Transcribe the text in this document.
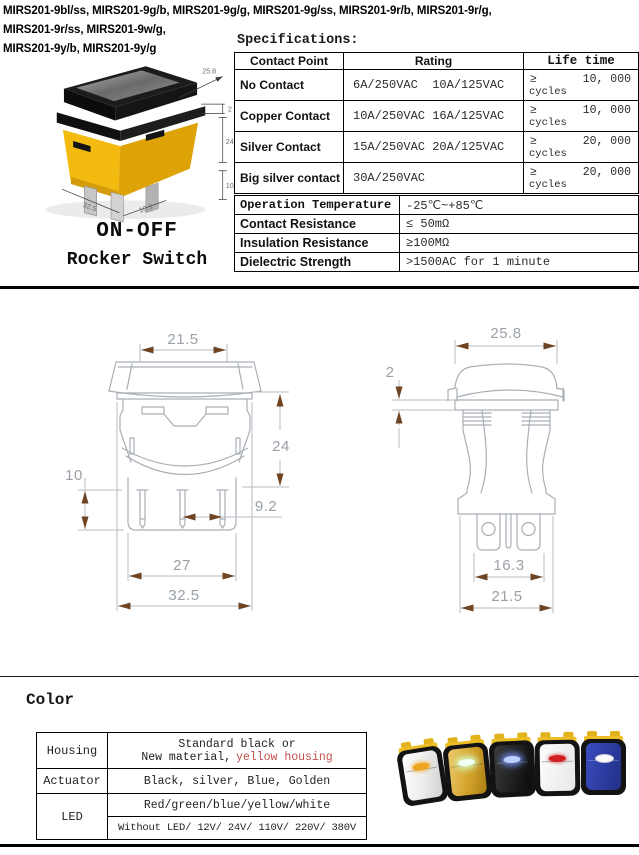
MIRS201-9bl/ss, MIRS201-9g/b, MIRS201-9g/g, MIRS201-9g/ss, MIRS201-9r/b, MIRS201-9r/g,
MIRS201-9r/ss, MIRS201-9w/g,
MIRS201-9y/b, MIRS201-9y/g
25.8
2
24
10
32.5	10.5
ON-OFF
Rocker Switch
Specifications:
Contact Point	Rating	Life time
No Contact	6A/250VAC  10A/125VAC	≥ 10, 000
cycles

Copper Contact	10A/250VAC 16A/125VAC	≥ 10, 000
cycles

Silver Contact	15A/250VAC 20A/125VAC	≥ 20, 000
cycles

Big silver contact	30A/250VAC	≥ 20, 000
cycles
Operation Temperature	-25℃~+85℃
Contact Resistance	≤ 50mΩ
Insulation Resistance	≥100MΩ
Dielectric Strength	>1500AC for 1 minute
21.5
24
10
9.2
27
32.5
25.8
2
16.3
21.5
Color
Housing	Standard black or
New material, yellow housing

Actuator	Black, silver, Blue, Golden
LED	Red/green/blue/yellow/white
	Without LED/ 12V/ 24V/ 110V/ 220V/ 380V
